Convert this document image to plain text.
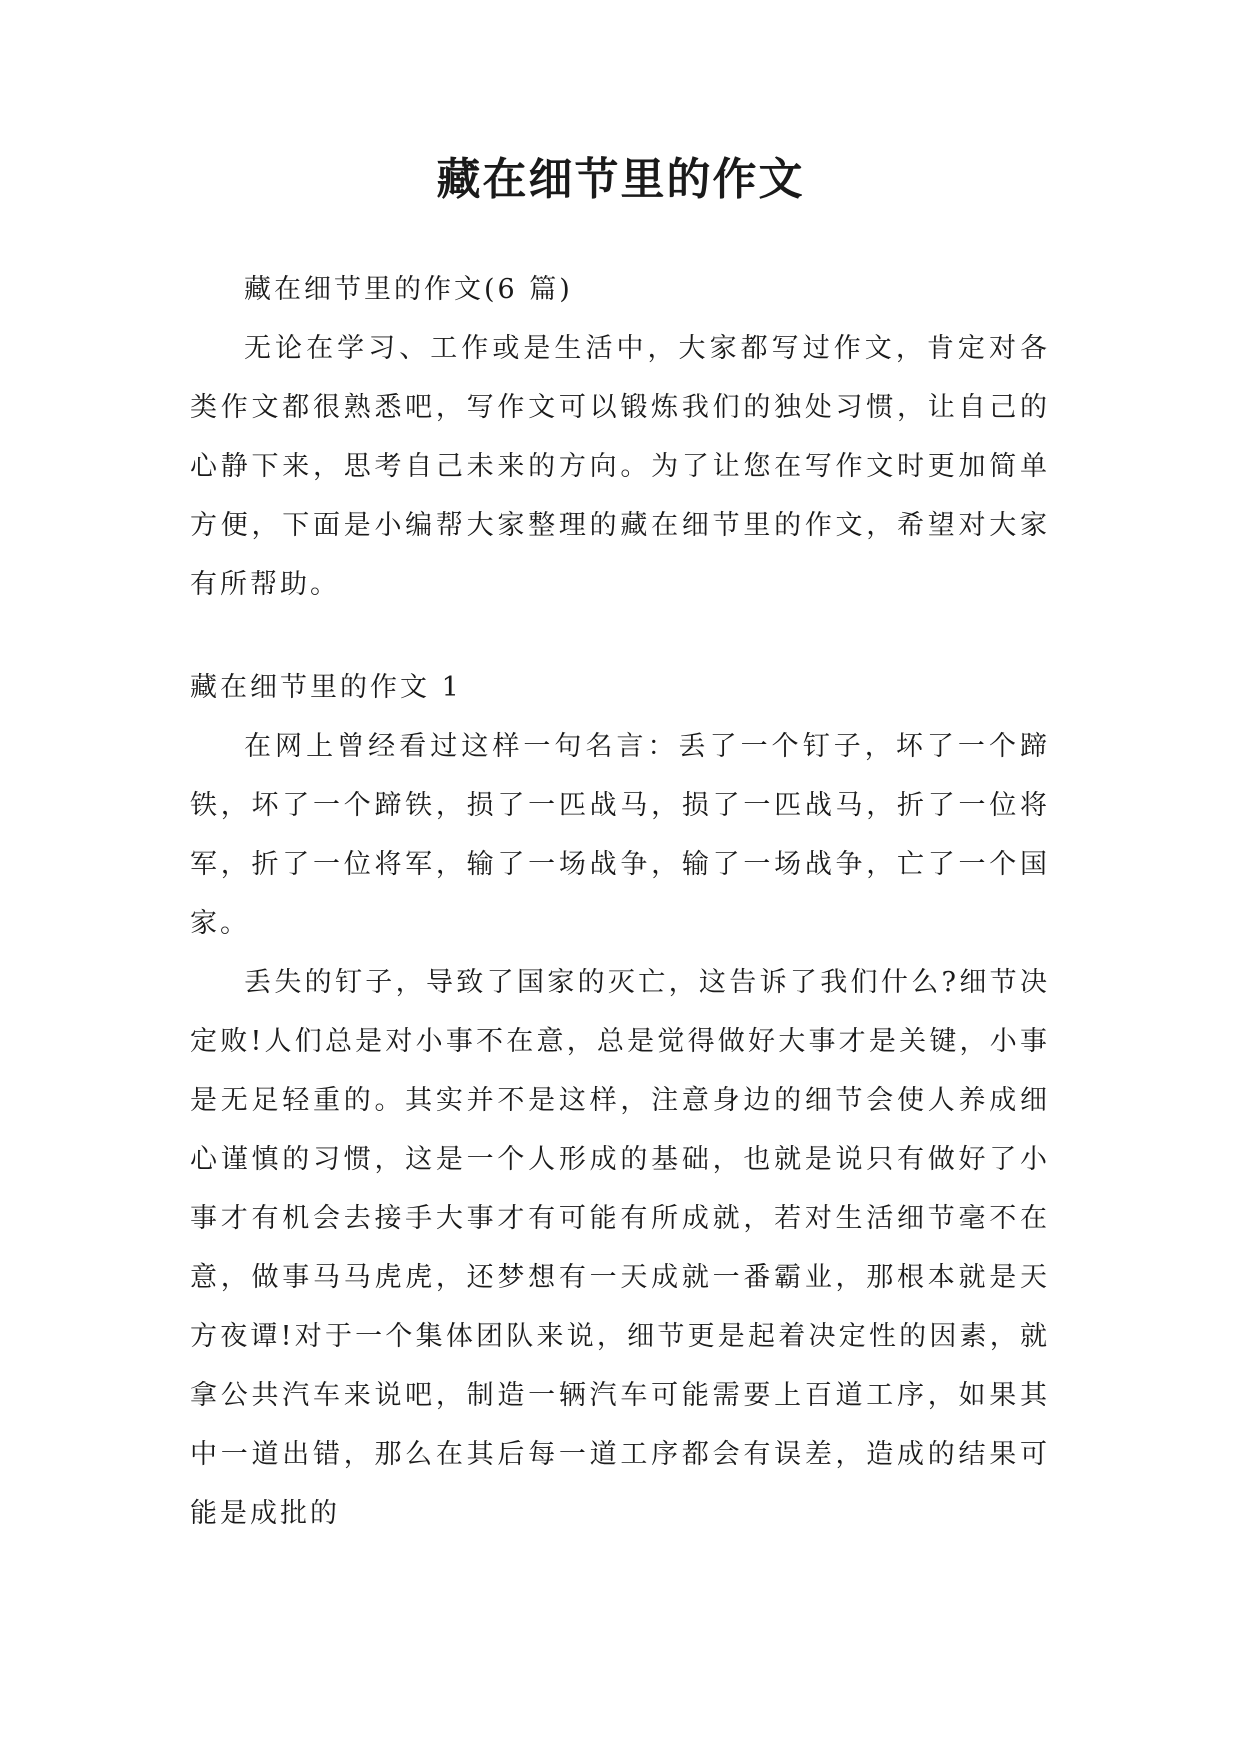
藏在细节里的作文

藏在细节里的作文(6 篇)

无论在学习、工作或是生活中，大家都写过作文，肯定对各类作文都很熟悉吧，写作文可以锻炼我们的独处习惯，让自己的心静下来，思考自己未来的方向。为了让您在写作文时更加简单方便，下面是小编帮大家整理的藏在细节里的作文，希望对大家有所帮助。

藏在细节里的作文 1

在网上曾经看过这样一句名言：丢了一个钉子，坏了一个蹄铁，坏了一个蹄铁，损了一匹战马，损了一匹战马，折了一位将军，折了一位将军，输了一场战争，输了一场战争，亡了一个国家。

丢失的钉子，导致了国家的灭亡，这告诉了我们什么?细节决定败!人们总是对小事不在意，总是觉得做好大事才是关键，小事是无足轻重的。其实并不是这样，注意身边的细节会使人养成细心谨慎的习惯，这是一个人形成的基础，也就是说只有做好了小事才有机会去接手大事才有可能有所成就，若对生活细节毫不在意，做事马马虎虎，还梦想有一天成就一番霸业，那根本就是天方夜谭!对于一个集体团队来说，细节更是起着决定性的因素，就拿公共汽车来说吧，制造一辆汽车可能需要上百道工序，如果其中一道出错，那么在其后每一道工序都会有误差，造成的结果可能是成批的
